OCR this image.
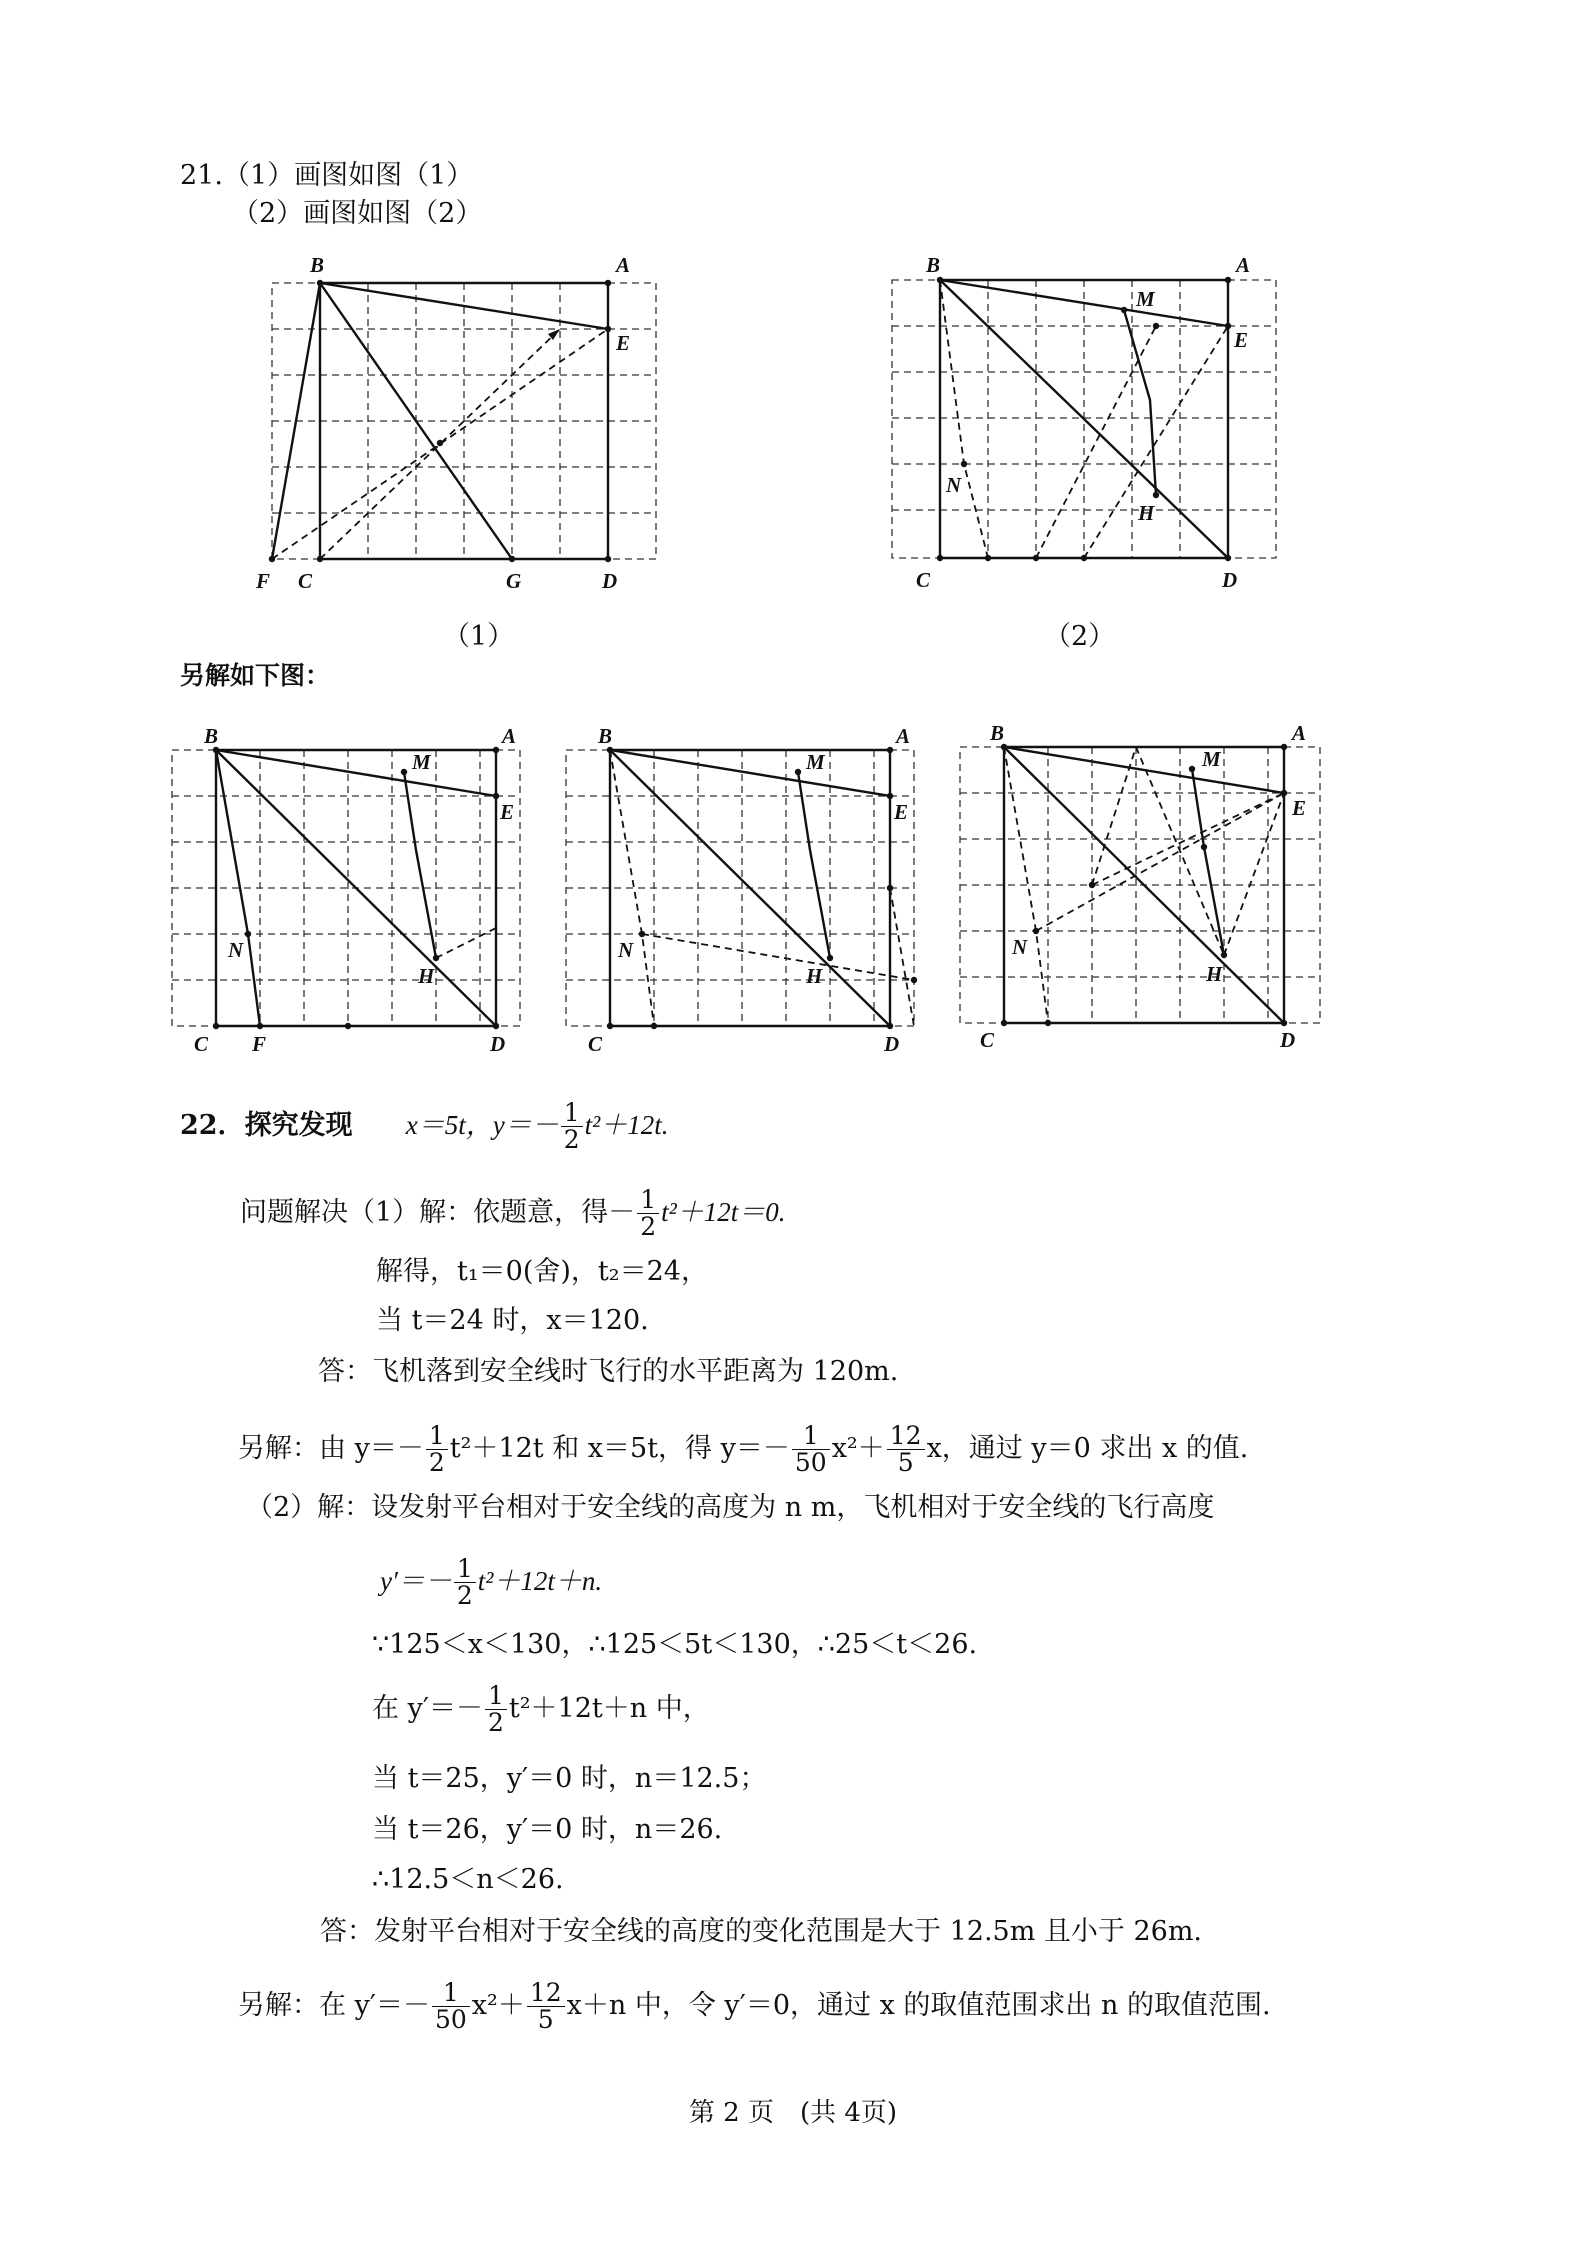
21.（1）画图如图（1）
（2）画图如图（2）
B	A
E
F C	G	D
（1）
B	A
E
M
N
H
C	D
（2）
另解如下图：
B	A
E
M
N
H
C F	D
B	A
E
M
N
H
C	D
B	A
E
M
N
H
C	D
22．探究发现 x＝5t，$y=- \frac{1}{2} t^2+12t$.
问题解决（1）解：依题意，得－ $\frac{1}{2} t^2+12t=0$.
解得，t₁＝0(舍)，t₂＝24，
当 t＝24 时，x＝120.
答：飞机落到安全线时飞行的水平距离为 120m.
另解：由 $y=- \frac{1}{2} t^2+12t$ 和 x＝5t，得 $y=- \frac{1}{50} x^2+ \frac{12}{5}$ x，通过 y＝0 求出 x 的值.
（2）解：设发射平台相对于安全线的高度为 n m，飞机相对于安全线的飞行高度
$y'=- \frac{1}{2} t^2+12t+n$.
∵125＜x＜130，∴125＜5t＜130，∴25＜t＜26.
在 $y'=- \frac{1}{2} t^2+12t+n$ 中，
当 t＝25，y′＝0 时，n＝12.5；
当 t＝26，y′＝0 时，n＝26.
∴12.5＜n＜26.
答：发射平台相对于安全线的高度的变化范围是大于 12.5m 且小于 26m.
另解：在 $y'=- \frac{1}{50} x^2+ \frac{12}{5} x+n$ 中，令 y′＝0，通过 x 的取值范围求出 n 的取值范围.
第 2 页　(共 4页)
